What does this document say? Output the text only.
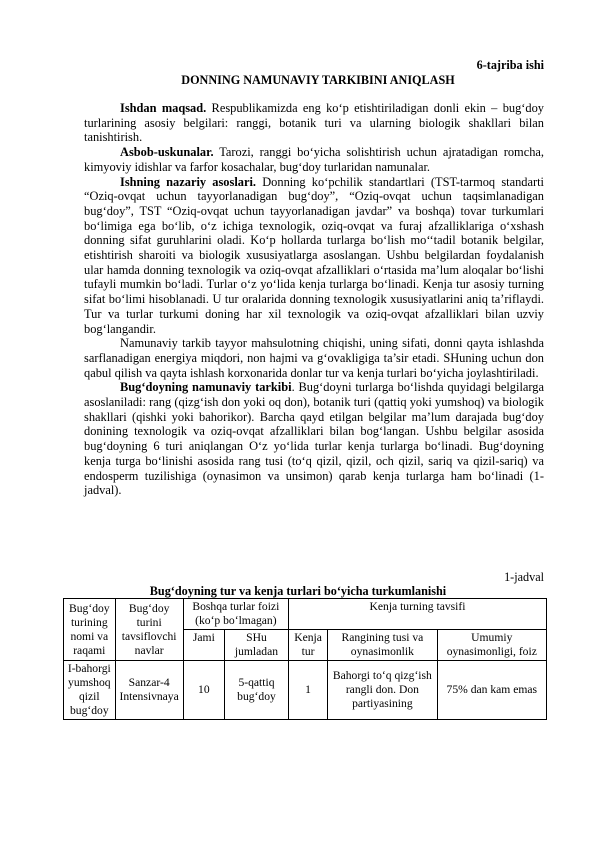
6-tajriba ishi
DONNING NAMUNAVIY TARKIBINI ANIQLASH

Ishdan maqsad. Respublikamizda eng ko‘p etishtiriladigan donli ekin – bug‘doy turlarining asosiy belgilari: ranggi, botanik turi va ularning biologik shakllari bilan tanishtirish.

Asbob-uskunalar. Tarozi, ranggi bo‘yicha solishtirish uchun ajratadigan romcha, kimyoviy idishlar va farfor kosachalar, bug‘doy turlaridan namunalar.

Ishning nazariy asoslari. Donning ko‘pchilik standartlari (TST-tarmoq standarti “Oziq-ovqat uchun tayyorlanadigan bug‘doy”, “Oziq-ovqat uchun taqsimlanadigan bug‘doy”, TST “Oziq-ovqat uchun tayyorlanadigan javdar” va boshqa) tovar turkumlari bo‘limiga ega bo‘lib, o‘z ichiga texnologik, oziq-ovqat va furaj afzalliklariga o‘xshash donning sifat guruhlarini oladi. Ko‘p hollarda turlarga bo‘lish mo‘‘tadil botanik belgilar, etishtirish sharoiti va biologik xususiyatlarga asoslangan. Ushbu belgilardan foydalanish ular hamda donning texnologik va oziq-ovqat afzalliklari o‘rtasida ma’lum aloqalar bo‘lishi tufayli mumkin bo‘ladi. Turlar o‘z yo‘lida kenja turlarga bo‘linadi. Kenja tur asosiy turning sifat bo‘limi hisoblanadi. U tur oralarida donning texnologik xususiyatlarini aniq ta’riflaydi. Tur va turlar turkumi doning har xil texnologik va oziq-ovqat afzalliklari bilan uzviy bog‘langandir.

Namunaviy tarkib tayyor mahsulotning chiqishi, uning sifati, donni qayta ishlashda sarflanadigan energiya miqdori, non hajmi va g‘ovakligiga ta’sir etadi. SHuning uchun don qabul qilish va qayta ishlash korxonarida donlar tur va kenja turlari bo‘yicha joylashtiriladi.

Bug‘doyning namunaviy tarkibi. Bug‘doyni turlarga bo‘lishda quyidagi belgilarga asoslaniladi: rang (qizg‘ish don yoki oq don), botanik turi (qattiq yoki yumshoq) va biologik shakllari (qishki yoki bahorikor). Barcha qayd etilgan belgilar ma’lum darajada bug‘doy donining texnologik va oziq-ovqat afzalliklari bilan bog‘langan. Ushbu belgilar asosida bug‘doyning 6 turi aniqlangan O‘z yo‘lida turlar kenja turlarga bo‘linadi. Bug‘doyning kenja turga bo‘linishi asosida rang tusi (to‘q qizil, qizil, och qizil, sariq va qizil-sariq) va endosperm tuzilishiga (oynasimon va unsimon) qarab kenja turlarga ham bo‘linadi (1-jadval).

1-jadval
Bug‘doyning tur va kenja turlari bo‘yicha turkumlanishi
Bug‘doy turining nomi va raqami	Bug‘doy turini tavsiflovchi navlar	Boshqa turlar foizi (ko‘p bo‘lmagan)		Kenja turning tavsifi		
		Jami	SHu jumladan	Kenja tur	Rangining tusi va oynasimonlik	Umumiy oynasimonligi, foiz
I-bahorgi yumshoq qizil bug‘doy	Sanzar-4 Intensivnaya	10	5-qattiq bug‘doy	1	Bahorgi to‘q qizg‘ish rangli don. Don partiyasining	75% dan kam emas
